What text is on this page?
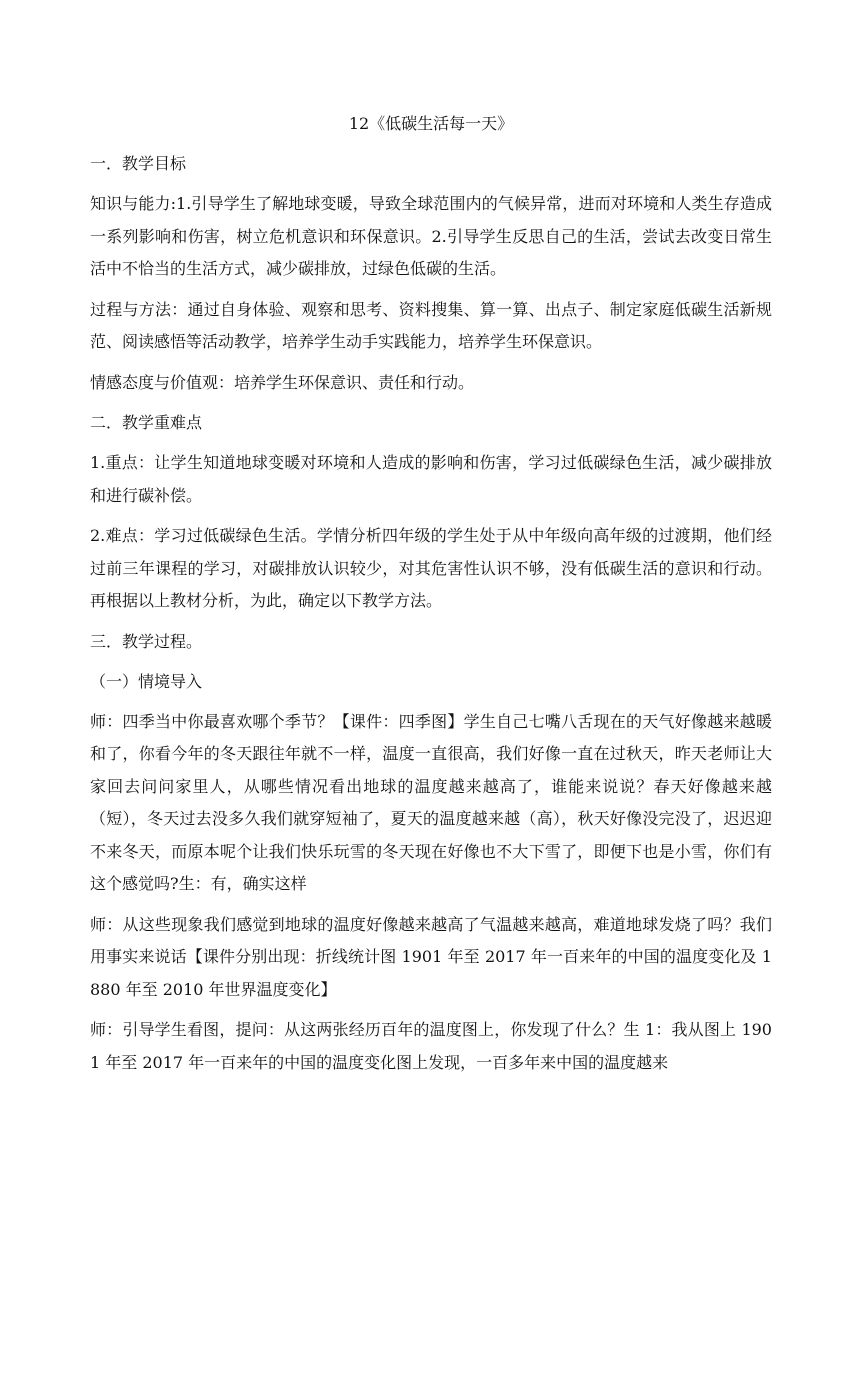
12《低碳生活每一天》
一．教学目标
知识与能力:1.引导学生了解地球变暖，导致全球范围内的气候异常，进而对环境和人类生存造成一系列影响和伤害，树立危机意识和环保意识。2.引导学生反思自己的生活，尝试去改变日常生活中不恰当的生活方式，减少碳排放，过绿色低碳的生活。
过程与方法：通过自身体验、观察和思考、资料搜集、算一算、出点子、制定家庭低碳生活新规范、阅读感悟等活动教学，培养学生动手实践能力，培养学生环保意识。
情感态度与价值观：培养学生环保意识、责任和行动。
二．教学重难点
1.重点：让学生知道地球变暖对环境和人造成的影响和伤害，学习过低碳绿色生活，减少碳排放和进行碳补偿。
2.难点：学习过低碳绿色生活。学情分析四年级的学生处于从中年级向高年级的过渡期，他们经过前三年课程的学习，对碳排放认识较少，对其危害性认识不够，没有低碳生活的意识和行动。再根据以上教材分析，为此，确定以下教学方法。
三．教学过程。
（一）情境导入
师：四季当中你最喜欢哪个季节？【课件：四季图】学生自己七嘴八舌现在的天气好像越来越暖和了，你看今年的冬天跟往年就不一样，温度一直很高，我们好像一直在过秋天，昨天老师让大家回去问问家里人，从哪些情况看出地球的温度越来越高了，谁能来说说？春天好像越来越（短），冬天过去没多久我们就穿短袖了，夏天的温度越来越（高），秋天好像没完没了，迟迟迎不来冬天，而原本呢个让我们快乐玩雪的冬天现在好像也不大下雪了，即便下也是小雪，你们有这个感觉吗?生：有，确实这样
师：从这些现象我们感觉到地球的温度好像越来越高了气温越来越高，难道地球发烧了吗？我们用事实来说话【课件分别出现：折线统计图 1901 年至 2017 年一百来年的中国的温度变化及 1880 年至 2010 年世界温度变化】
师：引导学生看图，提问：从这两张经历百年的温度图上，你发现了什么？生 1：我从图上 1901 年至 2017 年一百来年的中国的温度变化图上发现，一百多年来中国的温度越来
